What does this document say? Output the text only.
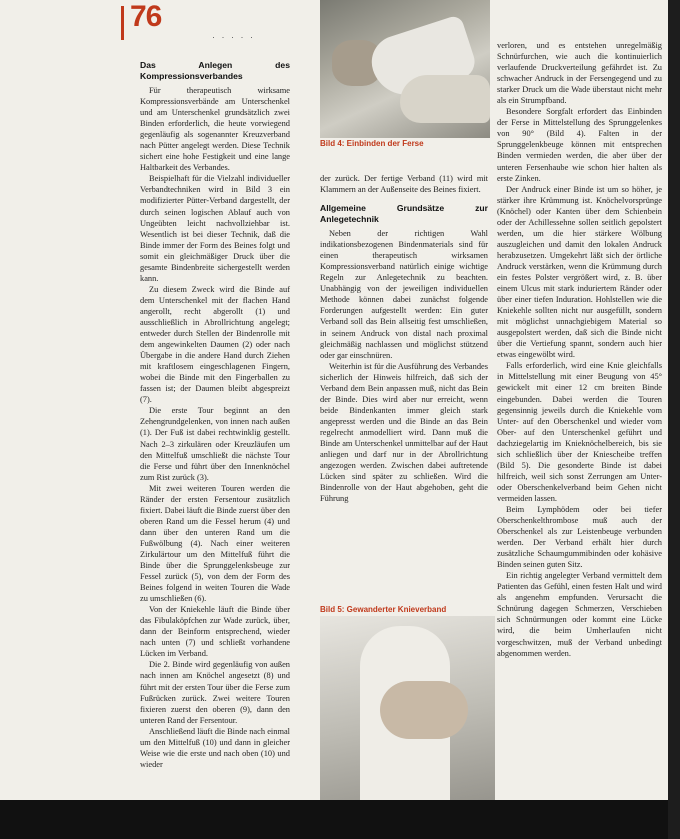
76
· · · · ·
Das Anlegen des Kompressionsverbandes

Für therapeutisch wirksame Kompressionsverbände am Unterschenkel und am Unterschenkel grundsätzlich zwei Binden erforderlich, die heute vorwiegend gegenläufig als sogenannter Kreuzverband nach Pütter angelegt werden. Diese Technik sichert eine hohe Festigkeit und eine lange Haltbarkeit des Verbandes.

Beispielhaft für die Vielzahl individueller Verbandtechniken wird in Bild 3 ein modifizierter Pütter-Verband dargestellt, der durch seinen logischen Ablauf auch von Ungeübten leicht nachvollziehbar ist. Wesentlich ist bei dieser Technik, daß die Binde immer der Form des Beines folgt und somit ein gleichmäßiger Druck über die gesamte Bindenbreite sichergestellt werden kann.

Zu diesem Zweck wird die Binde auf dem Unterschenkel mit der flachen Hand angerollt, recht abgerollt (1) und ausschließlich in Abrollrichtung angelegt; entweder durch Stellen der Bindenrolle mit dem angewinkelten Daumen (2) oder nach Übergabe in die andere Hand durch Ziehen mit kraftlosem eingeschlagenen Fingern, wobei die Binde mit den Fingerballen zu fassen ist; der Daumen bleibt abgespreizt (7).

Die erste Tour beginnt an den Zehengrundgelenken, von innen nach außen (1). Der Fuß ist dabei rechtwinklig gestellt. Nach 2–3 zirkulären oder Kreuzläufen um den Mittelfuß umschließt die nächste Tour die Ferse und führt über den Innenknöchel zum Rist zurück (3).

Mit zwei weiteren Touren werden die Ränder der ersten Fersentour zusätzlich fixiert. Dabei läuft die Binde zuerst über den oberen Rand um die Fessel herum (4) und dann über den unteren Rand um die Fußwölbung (4). Nach einer weiteren Zirkulärtour um den Mittelfuß führt die Binde über die Sprunggelenksbeuge zur Fessel zurück (5), von dem der Form des Beines folgend in weiten Touren die Wade zu umschließen (6).

Von der Kniekehle läuft die Binde über das Fibulaköpfchen zur Wade zurück, über, dann der Beinform entsprechend, wieder nach unten (7) und schließt vorhandene Lücken im Verband.

Die 2. Binde wird gegenläufig von außen nach innen am Knöchel angesetzt (8) und führt mit der ersten Tour über die Ferse zum Fußrücken zurück. Zwei weitere Touren fixieren zuerst den oberen (9), dann den unteren Rand der Fersentour.

Anschließend läuft die Binde nach einmal um den Mittelfuß (10) und dann in gleicher Weise wie die erste und nach oben (10) und wieder

Bild 4: Einbinden der Ferse

der zurück. Der fertige Verband (11) wird mit Klammern an der Außenseite des Beines fixiert.

Allgemeine Grundsätze zur Anlegetechnik

Neben der richtigen Wahl indikationsbezogenen Bindenmaterials sind für einen therapeutisch wirksamen Kompressionsverband natürlich einige wichtige Regeln zur Anlegetechnik zu beachten. Unabhängig von der jeweiligen individuellen Methode können dabei zunächst folgende Forderungen aufgestellt werden: Ein guter Verband soll das Bein allseitig fest umschließen, in seinem Andruck von distal nach proximal gleichmäßig nachlassen und möglichst stützend oder gar einschnüren.

Weiterhin ist für die Ausführung des Verbandes sicherlich der Hinweis hilfreich, daß sich der Verband dem Bein anpassen muß, nicht das Bein der Binde. Dies wird aber nur erreicht, wenn beide Bindenkanten immer gleich stark angepresst werden und die Binde an das Bein regelrecht anmodelliert wird. Dann muß die Binde am Unterschenkel unmittelbar auf der Haut anliegen und darf nur in der Abrollrichtung angezogen werden. Zwischen dabei auftretende Lücken sind später zu schließen. Wird die Bindenrolle von der Haut abgehoben, geht die Führung

Bild 5: Gewanderter Knieverband

verloren, und es entstehen unregelmäßig Schnürfurchen, wie auch die kontinuierlich verlaufende Druckverteilung gefährdet ist. Zu schwacher Andruck in der Fersengegend und zu starker Druck um die Wade überstaut nicht mehr als ein Strumpfband.

Besondere Sorgfalt erfordert das Einbinden der Ferse in Mittelstellung des Sprunggelenkes von 90° (Bild 4). Falten in der Sprunggelenkbeuge können mit entsprechen Binden vermieden werden, die aber über der unteren Fersenhaube wie schon hier halten als erste Zinken.

Der Andruck einer Binde ist um so höher, je stärker ihre Krümmung ist. Knöchelvorsprünge (Knöchel) oder Kanten über dem Schienbein oder der Achillessehne sollen seitlich gepolstert werden, um die hier stärkere Wölbung auszugleichen und damit den lokalen Andruck herabzusetzen. Umgekehrt läßt sich der örtliche Andruck verstärken, wenn die Krümmung durch ein festes Polster vergrößert wird, z. B. über einem Ulcus mit stark induriertem Ränder oder über einer tiefen Induration. Hohlstellen wie die Kniekehle sollten nicht nur ausgefüllt, sondern mit möglichst unnachgiebigem Material so ausgepolstert werden, daß sich die Binde nicht über die Vertiefung spannt, sondern auch hier etwas eingewölbt wird.

Falls erforderlich, wird eine Knie gleichfalls in Mittelstellung mit einer Beugung von 45° gewickelt mit einer 12 cm breiten Binde eingebunden. Dabei werden die Touren gegensinnig jeweils durch die Kniekehle vom Unter- auf den Oberschenkel und wieder vom Ober- auf den Unterschenkel geführt und dachziegelartig im Knieknöchelbereich, bis sie sich schließlich über der Kniescheibe treffen (Bild 5). Die gesonderte Binde ist dabei hilfreich, weil sich sonst Zerrungen am Unter- oder Oberschenkelverband beim Gehen nicht vermeiden lassen.

Beim Lymphödem oder bei tiefer Oberschenkelthrombose muß auch der Oberschenkel als zur Leistenbeuge verbunden werden. Der Verband erhält hier durch zusätzliche Schaumgummibinden oder kohäsive Binden seinen guten Sitz.

Ein richtig angelegter Verband vermittelt dem Patienten das Gefühl, einen festen Halt und wird als angenehm empfunden. Verursacht die Schnürung dagegen Schmerzen, Verschieben sich Schnürmungen oder kommt eine Lücke wird, die beim Umherlaufen nicht vorgeschwitzen, muß der Verband unbedingt abgenommen werden.
